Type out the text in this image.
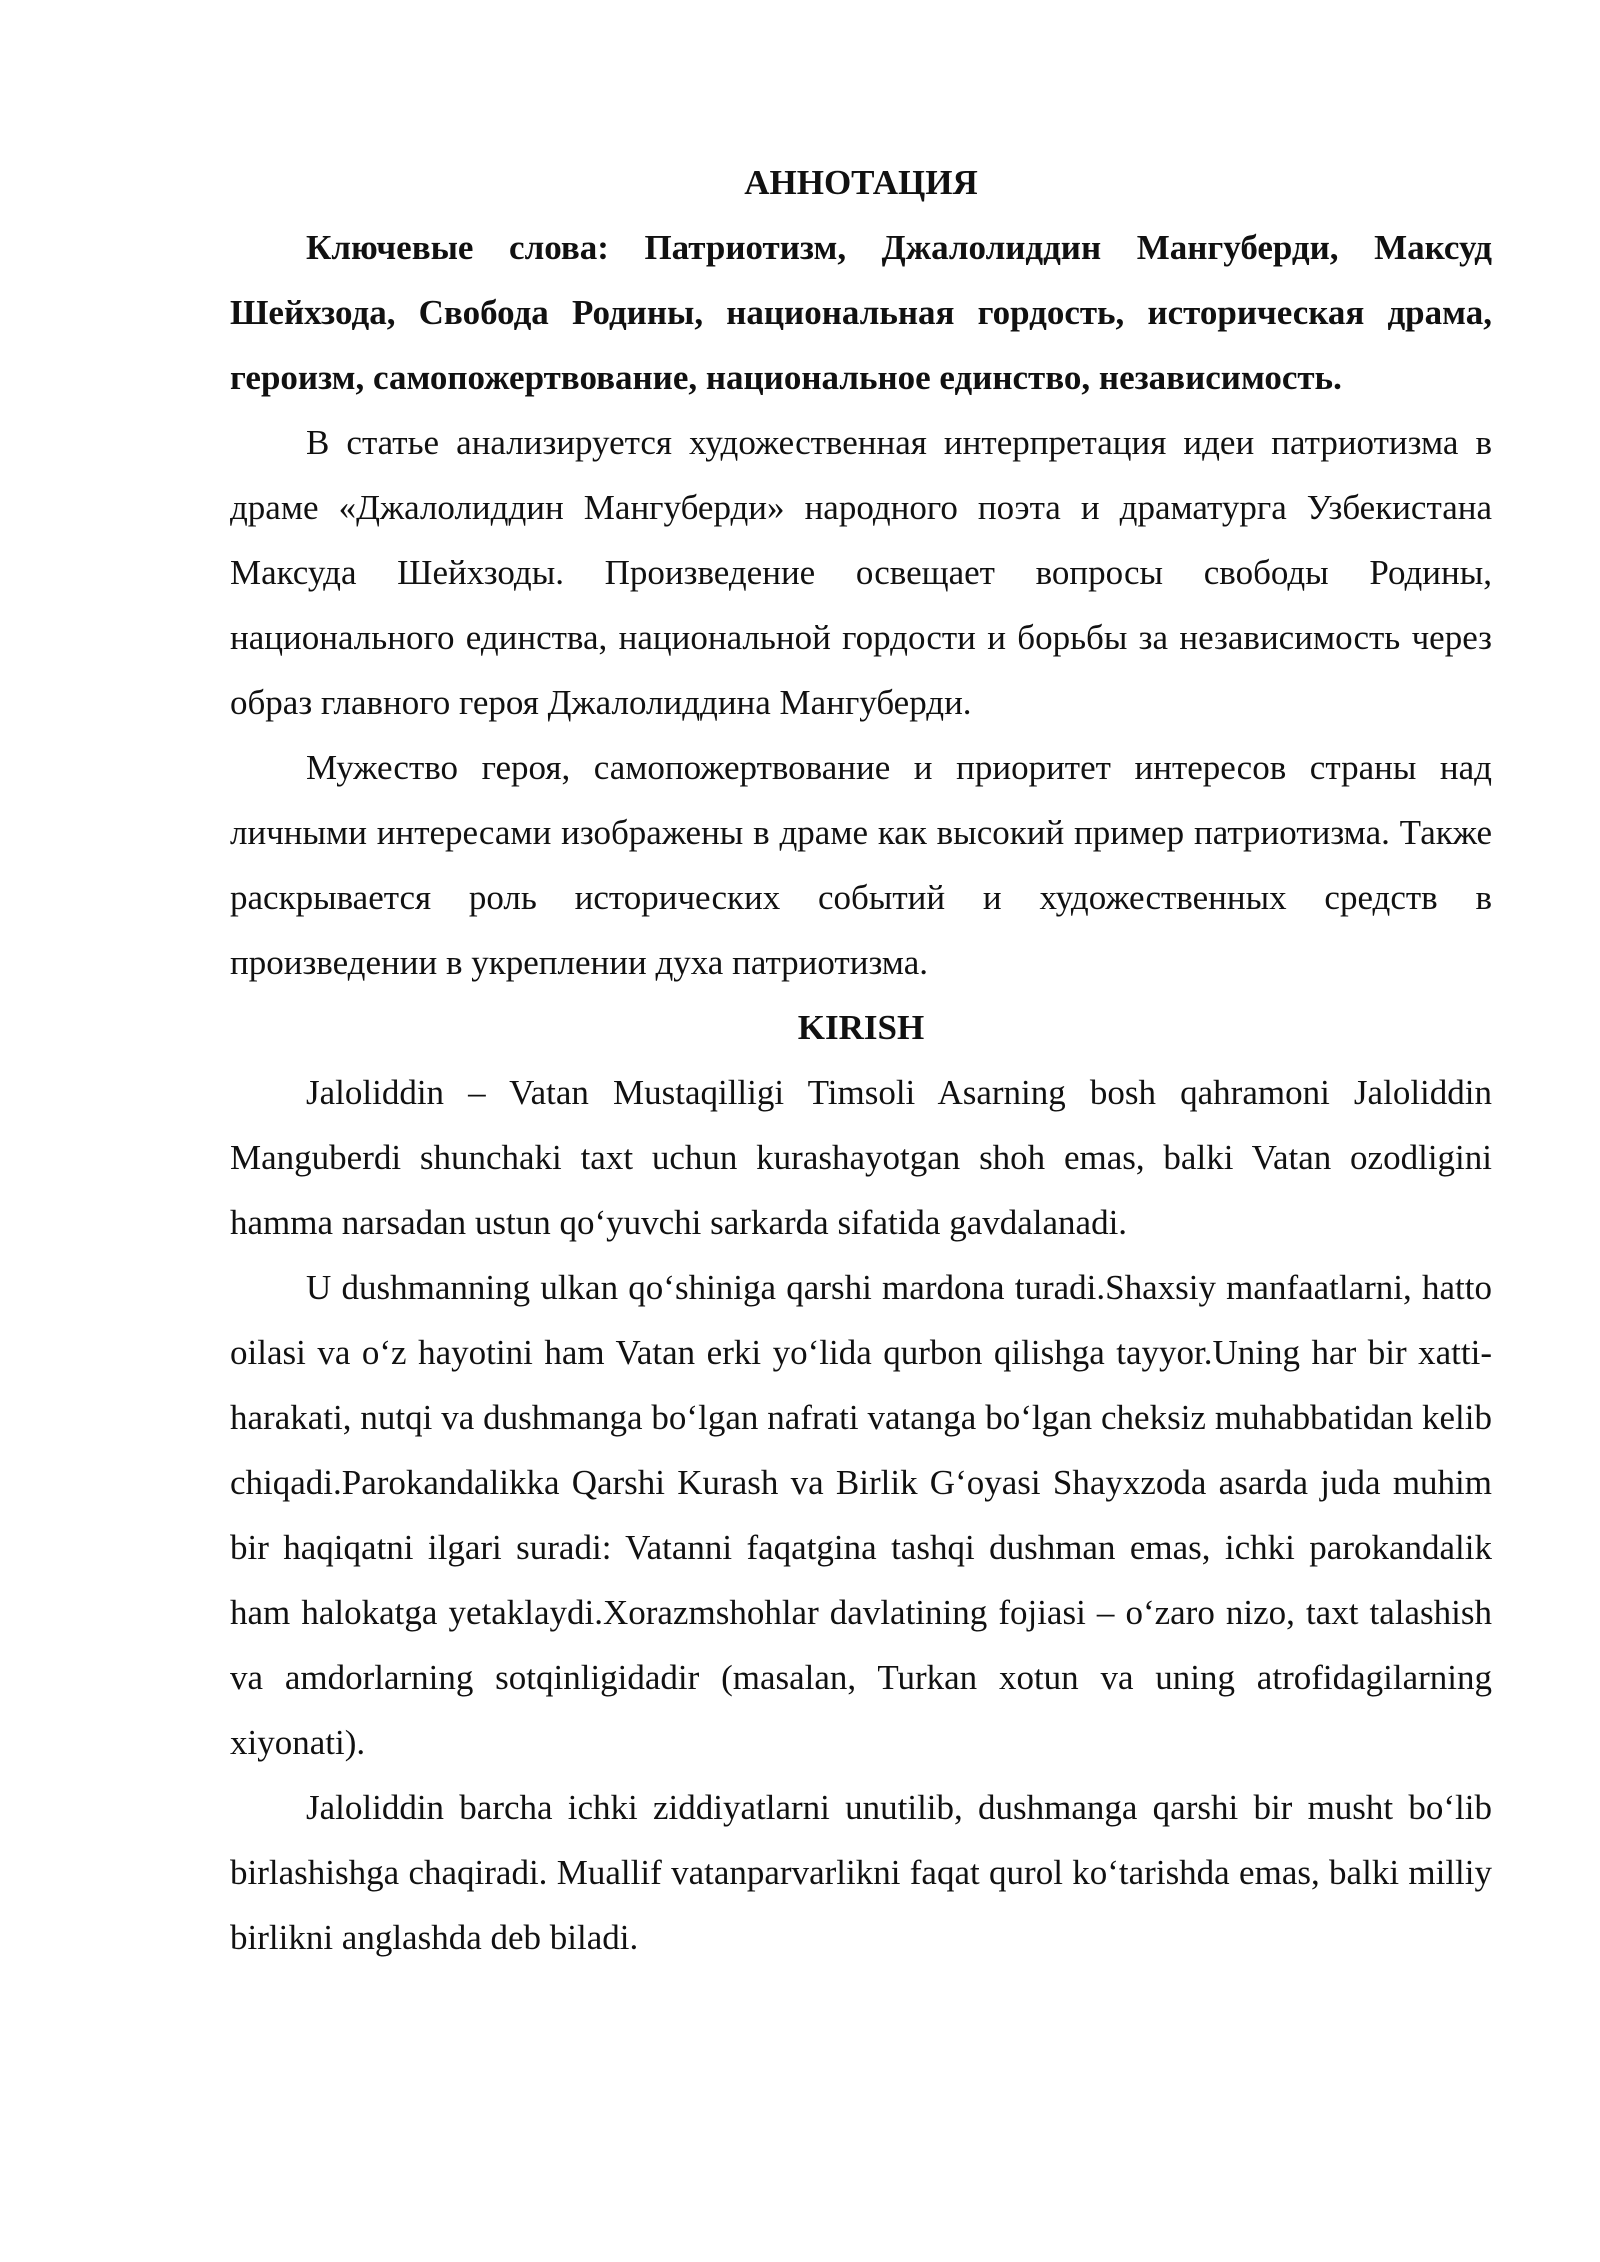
АННОТАЦИЯ

Ключевые слова: Патриотизм, Джалолиддин Мангуберди, Максуд Шейхзода, Свобода Родины, национальная гордость, историческая драма, героизм, самопожертвование, национальное единство, независимость.

В статье анализируется художественная интерпретация идеи патриотизма в драме «Джалолиддин Мангуберди» народного поэта и драматурга Узбекистана Максуда Шейхзоды. Произведение освещает вопросы свободы Родины, национального единства, национальной гордости и борьбы за независимость через образ главного героя Джалолиддина Мангуберди.

Мужество героя, самопожертвование и приоритет интересов страны над личными интересами изображены в драме как высокий пример патриотизма. Также раскрывается роль исторических событий и художественных средств в произведении в укреплении духа патриотизма.

KIRISH

Jaloliddin – Vatan Mustaqilligi Timsoli Asarning bosh qahramoni Jaloliddin Manguberdi shunchaki taxt uchun kurashayotgan shoh emas, balki Vatan ozodligini hamma narsadan ustun qo‘yuvchi sarkarda sifatida gavdalanadi.

U dushmanning ulkan qo‘shiniga qarshi mardona turadi.Shaxsiy manfaatlarni, hatto oilasi va o‘z hayotini ham Vatan erki yo‘lida qurbon qilishga tayyor.Uning har bir xatti-harakati, nutqi va dushmanga bo‘lgan nafrati vatanga bo‘lgan cheksiz muhabbatidan kelib chiqadi.Parokandalikka Qarshi Kurash va Birlik G‘oyasi Shayxzoda asarda juda muhim bir haqiqatni ilgari suradi: Vatanni faqatgina tashqi dushman emas, ichki parokandalik ham halokatga yetaklaydi.Xorazmshohlar davlatining fojiasi – o‘zaro nizo, taxt talashish va amdorlarning sotqinligidadir (masalan, Turkan xotun va uning atrofidagilarning xiyonati).

Jaloliddin barcha ichki ziddiyatlarni unutilib, dushmanga qarshi bir musht bo‘lib birlashishga chaqiradi. Muallif vatanparvarlikni faqat qurol ko‘tarishda emas, balki milliy birlikni anglashda deb biladi.
